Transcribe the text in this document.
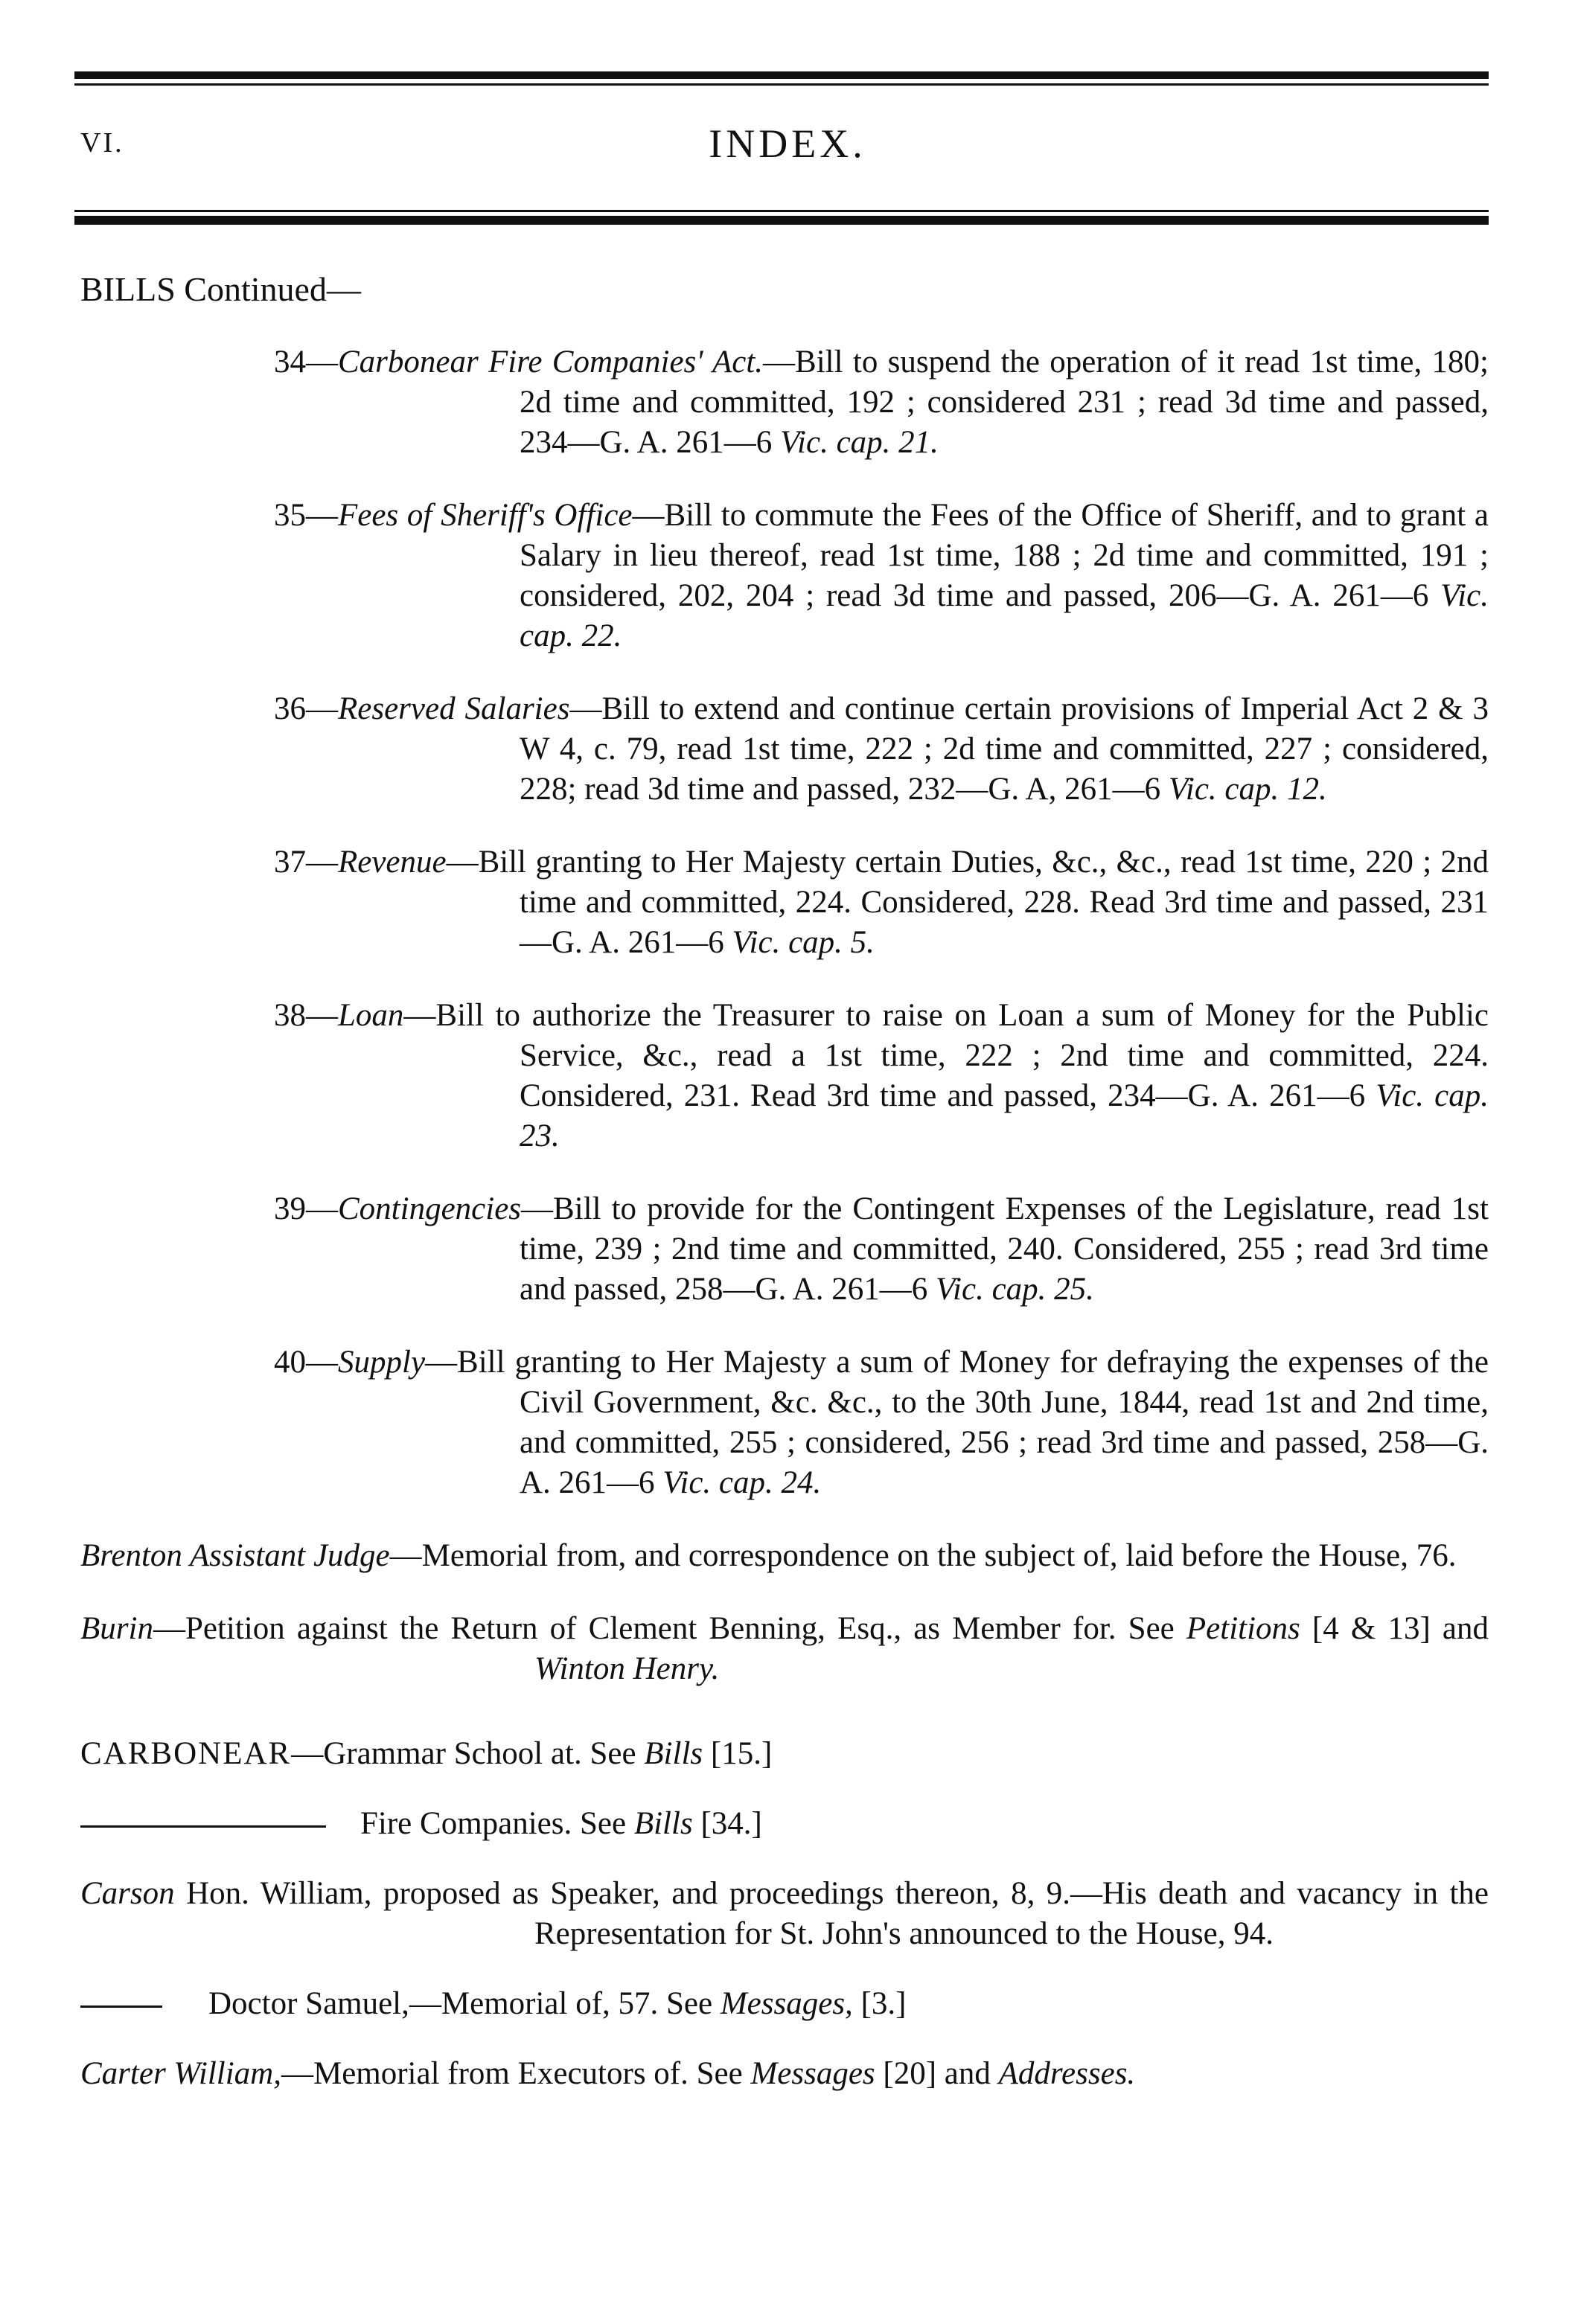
VI.	INDEX.
BILLS Continued—
34—Carbonear Fire Companies' Act.—Bill to suspend the operation of it read 1st time, 180; 2d time and committed, 192 ; considered 231 ; read 3d time and passed, 234—G. A. 261—6 Vic. cap. 21.
35—Fees of Sheriff's Office—Bill to commute the Fees of the Office of Sheriff, and to grant a Salary in lieu thereof, read 1st time, 188 ; 2d time and committed, 191 ; considered, 202, 204 ; read 3d time and passed, 206—G. A. 261—6 Vic. cap. 22.
36—Reserved Salaries—Bill to extend and continue certain provisions of Imperial Act 2 & 3 W 4, c. 79, read 1st time, 222 ; 2d time and committed, 227 ; considered, 228; read 3d time and passed, 232—G. A, 261—6 Vic. cap. 12.
37—Revenue—Bill granting to Her Majesty certain Duties, &c., &c., read 1st time, 220 ; 2nd time and committed, 224. Considered, 228. Read 3rd time and passed, 231—G. A. 261—6 Vic. cap. 5.
38—Loan—Bill to authorize the Treasurer to raise on Loan a sum of Money for the Public Service, &c., read a 1st time, 222 ; 2nd time and committed, 224. Considered, 231. Read 3rd time and passed, 234—G. A. 261—6 Vic. cap. 23.
39—Contingencies—Bill to provide for the Contingent Expenses of the Legislature, read 1st time, 239 ; 2nd time and committed, 240. Considered, 255 ; read 3rd time and passed, 258—G. A. 261—6 Vic. cap. 25.
40—Supply—Bill granting to Her Majesty a sum of Money for defraying the expenses of the Civil Government, &c. &c., to the 30th June, 1844, read 1st and 2nd time, and committed, 255 ; considered, 256 ; read 3rd time and passed, 258—G. A. 261—6 Vic. cap. 24.
Brenton Assistant Judge—Memorial from, and correspondence on the subject of, laid before the House, 76.
Burin—Petition against the Return of Clement Benning, Esq., as Member for. See Petitions [4 & 13] and Winton Henry.
CARBONEAR—Grammar School at. See Bills [15.]
Fire Companies. See Bills [34.]
Carson Hon. William, proposed as Speaker, and proceedings thereon, 8, 9.—His death and vacancy in the Representation for St. John's announced to the House, 94.
Doctor Samuel,—Memorial of, 57. See Messages, [3.]
Carter William,—Memorial from Executors of. See Messages [20] and Addresses.
